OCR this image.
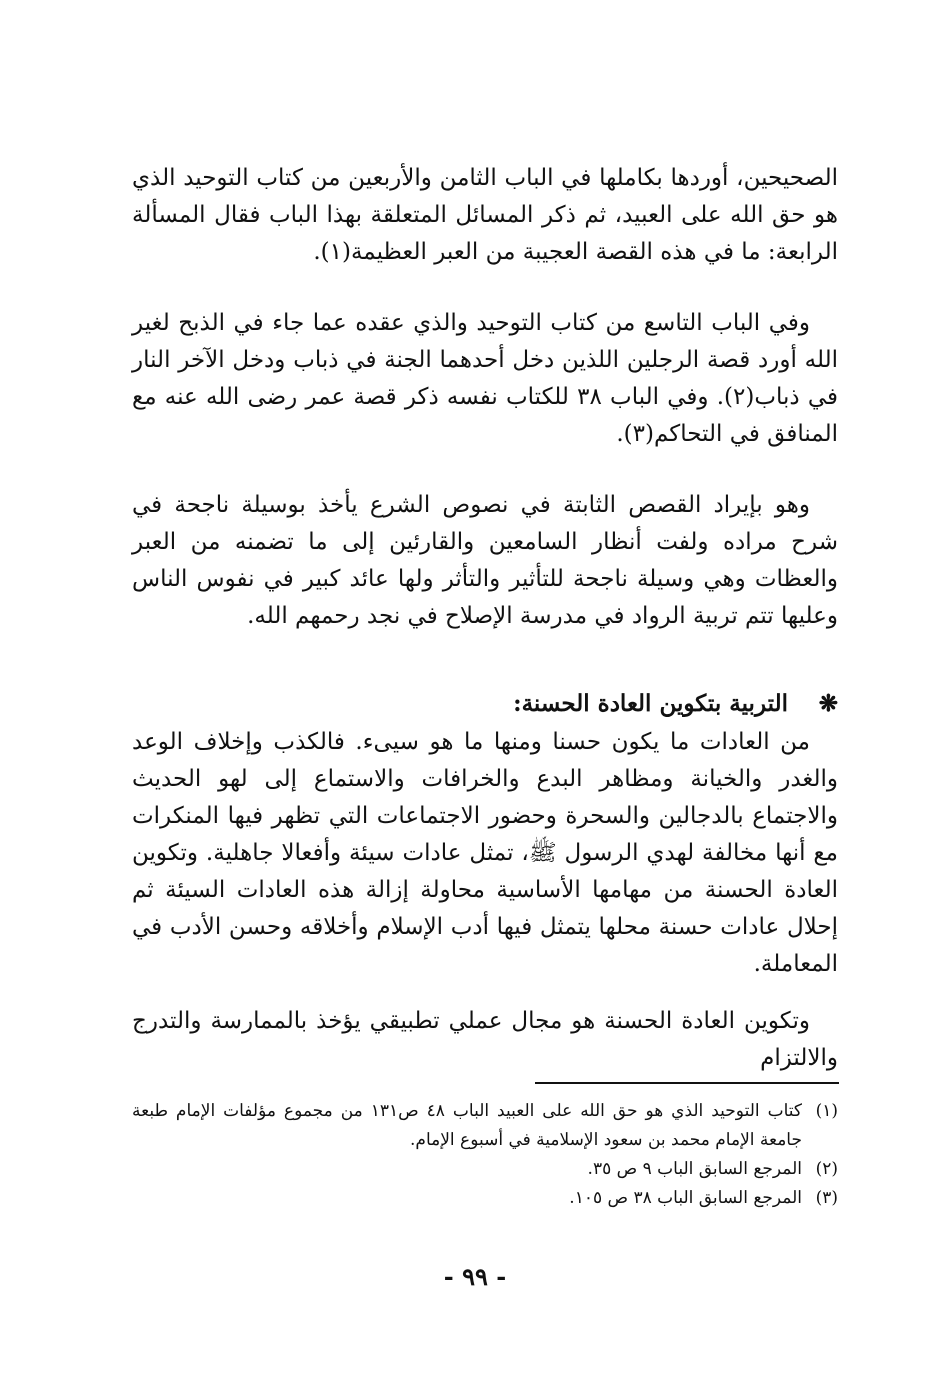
الصحيحين، أوردها بكاملها في الباب الثامن والأربعين من كتاب التوحيد الذي هو حق الله على العبيد، ثم ذكر المسائل المتعلقة بهذا الباب فقال المسألة الرابعة: ما في هذه القصة العجيبة من العبر العظيمة(١).

وفي الباب التاسع من كتاب التوحيد والذي عقده عما جاء في الذبح لغير الله أورد قصة الرجلين اللذين دخل أحدهما الجنة في ذباب ودخل الآخر النار في ذباب(٢). وفي الباب ٣٨ للكتاب نفسه ذكر قصة عمر رضى الله عنه مع المنافق في التحاكم(٣).

وهو بإيراد القصص الثابتة في نصوص الشرع يأخذ بوسيلة ناجحة في شرح مراده ولفت أنظار السامعين والقارئين إلى ما تضمنه من العبر والعظات وهي وسيلة ناجحة للتأثير والتأثر ولها عائد كبير في نفوس الناس وعليها تتم تربية الرواد في مدرسة الإصلاح في نجد رحمهم الله.

❋التربية بتكوين العادة الحسنة:

من العادات ما يكون حسنا ومنها ما هو سيىء. فالكذب وإخلاف الوعد والغدر والخيانة ومظاهر البدع والخرافات والاستماع إلى لهو الحديث والاجتماع بالدجالين والسحرة وحضور الاجتماعات التي تظهر فيها المنكرات مع أنها مخالفة لهدي الرسول ﷺ، تمثل عادات سيئة وأفعالا جاهلية. وتكوين العادة الحسنة من مهامها الأساسية محاولة إزالة هذه العادات السيئة ثم إحلال عادات حسنة محلها يتمثل فيها أدب الإسلام وأخلاقه وحسن الأدب في المعاملة.

وتكوين العادة الحسنة هو مجال عملي تطبيقي يؤخذ بالممارسة والتدرج والالتزام

(١)كتاب التوحيد الذي هو حق الله على العبيد الباب ٤٨ ص١٣١ من مجموع مؤلفات الإمام طبعة جامعة الإمام محمد بن سعود الإسلامية في أسبوع الإمام.

(٢)المرجع السابق الباب ٩ ص ٣٥.

(٣)المرجع السابق الباب ٣٨ ص ١٠٥.

- ٩٩ -
